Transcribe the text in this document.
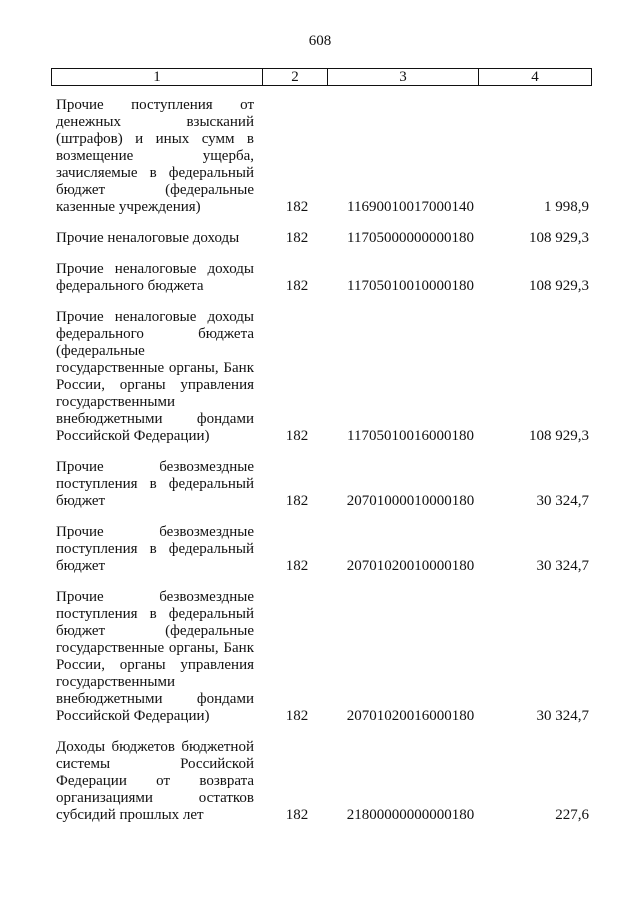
608
1	2	3	4
Прочие поступления от
денежных взысканий
(штрафов) и иных сумм в
возмещение ущерба,
зачисляемые в федеральный
бюджет (федеральные
казенные учреждения)	182	11690010017000140	1 998,9
Прочие неналоговые доходы	182	11705000000000180	108 929,3
Прочие неналоговые доходы
федерального бюджета	182	11705010010000180	108 929,3
Прочие неналоговые доходы
федерального бюджета
(федеральные
государственные органы, Банк
России, органы управления
государственными
внебюджетными фондами
Российской Федерации)	182	11705010016000180	108 929,3
Прочие безвозмездные
поступления в федеральный
бюджет	182	20701000010000180	30 324,7
Прочие безвозмездные
поступления в федеральный
бюджет	182	20701020010000180	30 324,7
Прочие безвозмездные
поступления в федеральный
бюджет (федеральные
государственные органы, Банк
России, органы управления
государственными
внебюджетными фондами
Российской Федерации)	182	20701020016000180	30 324,7
Доходы бюджетов бюджетной
системы Российской
Федерации от возврата
организациями остатков
субсидий прошлых лет	182	21800000000000180	227,6
